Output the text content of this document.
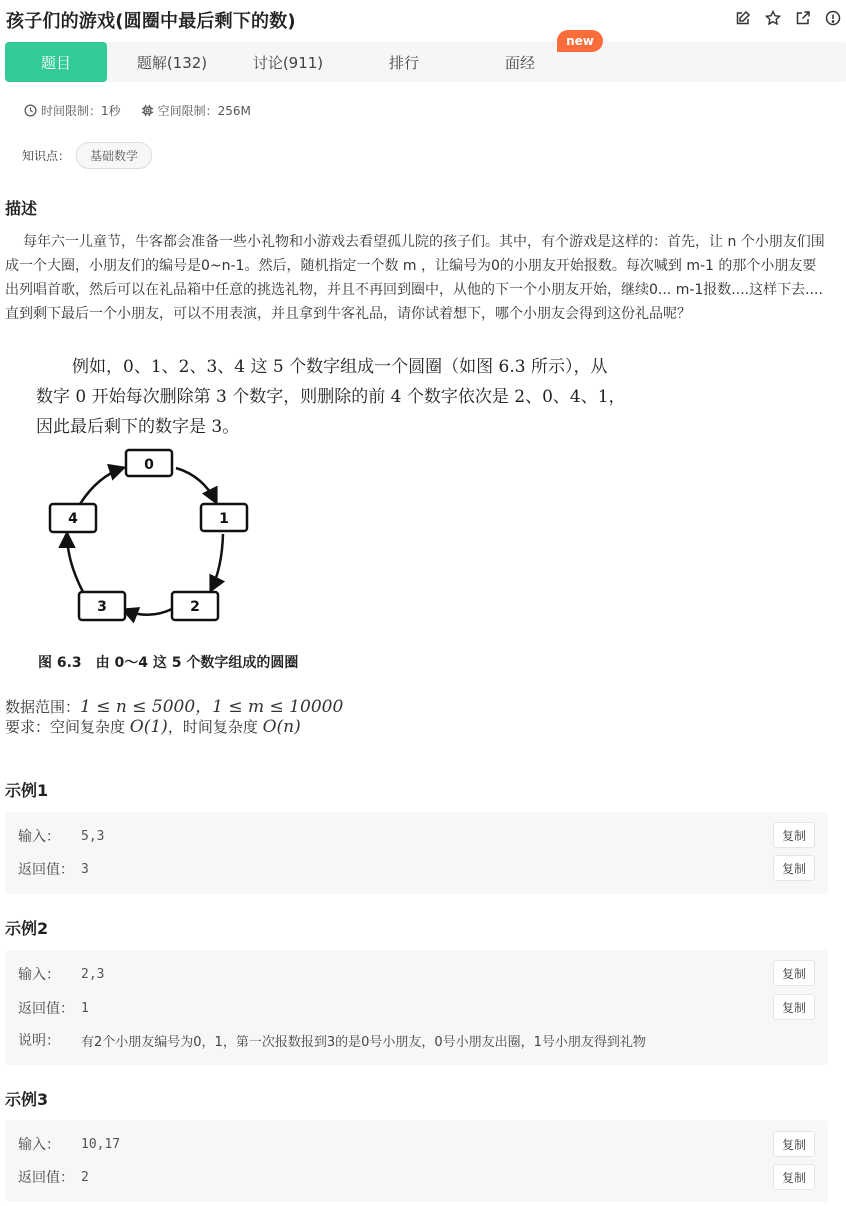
孩子们的游戏(圆圈中最后剩下的数)
题目	题解(132)	讨论(911)	排行	面经
new
时间限制：1秒	空间限制：256M
知识点：	基础数学
描述
每年六一儿童节，牛客都会准备一些小礼物和小游戏去看望孤儿院的孩子们。其中，有个游戏是这样的：首先，让 n 个小朋友们围成一个大圈，小朋友们的编号是0~n-1。然后，随机指定一个数 m ，让编号为0的小朋友开始报数。每次喊到 m-1 的那个小朋友要出列唱首歌，然后可以在礼品箱中任意的挑选礼物，并且不再回到圈中，从他的下一个小朋友开始，继续0... m-1报数....这样下去....直到剩下最后一个小朋友，可以不用表演，并且拿到牛客礼品，请你试着想下，哪个小朋友会得到这份礼品呢？
例如，0、1、2、3、4 这 5 个数字组成一个圆圈（如图 6.3 所示），从
数字 0 开始每次删除第 3 个数字，则删除的前 4 个数字依次是 2、0、4、1，
因此最后剩下的数字是 3。
0
1
2
3
4
图 6.3　由 0～4 这 5 个数字组成的圆圈
数据范围：1 ≤ n ≤ 5000，1 ≤ m ≤ 10000
要求：空间复杂度 O(1)，时间复杂度 O(n)
示例1
输入：	5,3	复制
返回值： 3	复制
示例2
输入：	2,3	复制
返回值： 1	复制
说明：	有2个小朋友编号为0，1，第一次报数报到3的是0号小朋友，0号小朋友出圈，1号小朋友得到礼物
示例3
输入：	10,17	复制
返回值： 2	复制
